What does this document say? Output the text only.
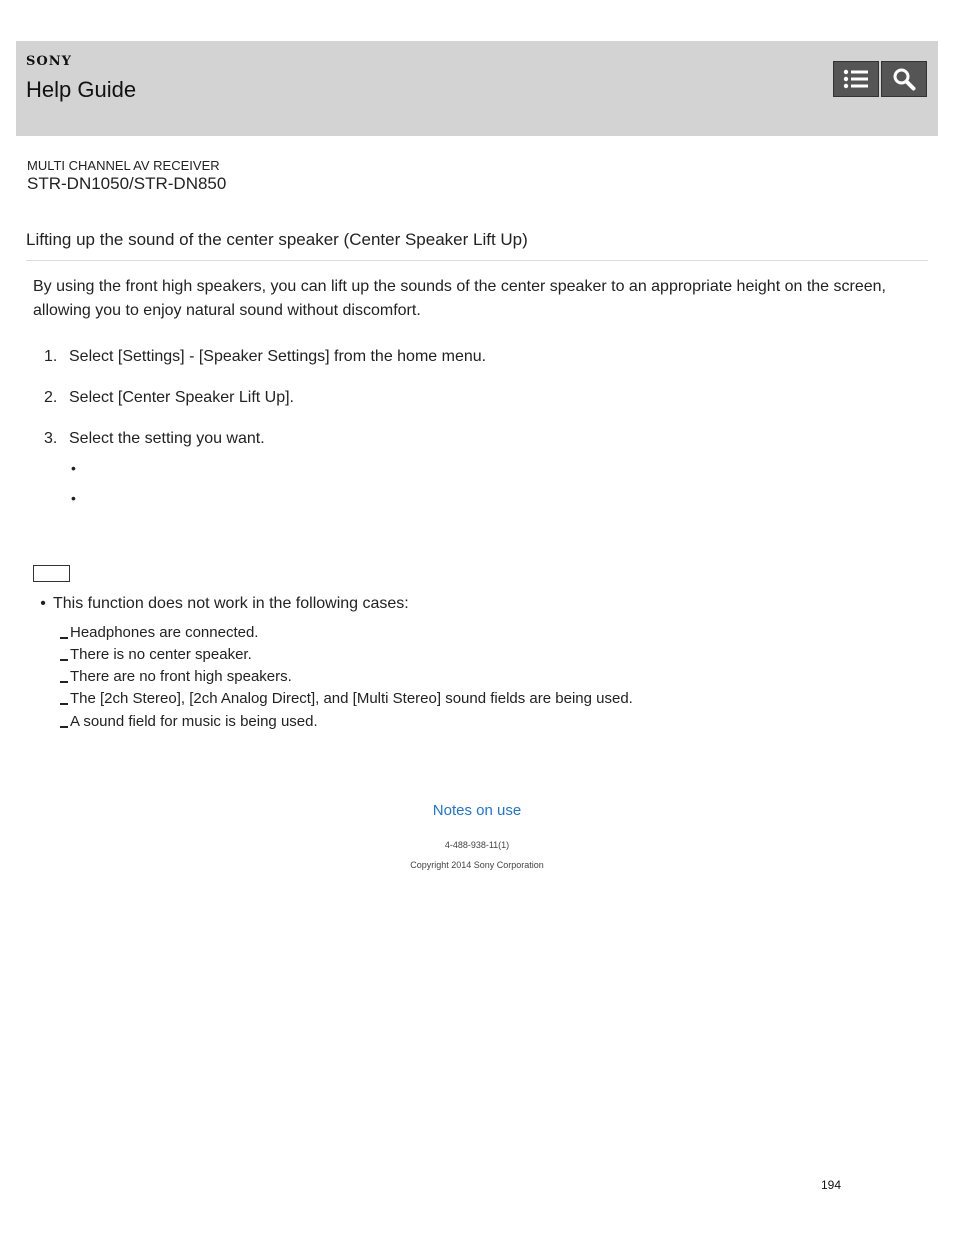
SONY
Help Guide
MULTI CHANNEL AV RECEIVER
STR-DN1050/STR-DN850
Lifting up the sound of the center speaker (Center Speaker Lift Up)
By using the front high speakers, you can lift up the sounds of the center speaker to an appropriate height on the screen, allowing you to enjoy natural sound without discomfort.
1. Select [Settings] - [Speaker Settings] from the home menu.
2. Select [Center Speaker Lift Up].
3. Select the setting you want.
•
•
• This function does not work in the following cases:
Headphones are connected.
There is no center speaker.
There are no front high speakers.
The [2ch Stereo], [2ch Analog Direct], and [Multi Stereo] sound fields are being used.
A sound field for music is being used.
Notes on use
4-488-938-11(1)
Copyright 2014 Sony Corporation
194
